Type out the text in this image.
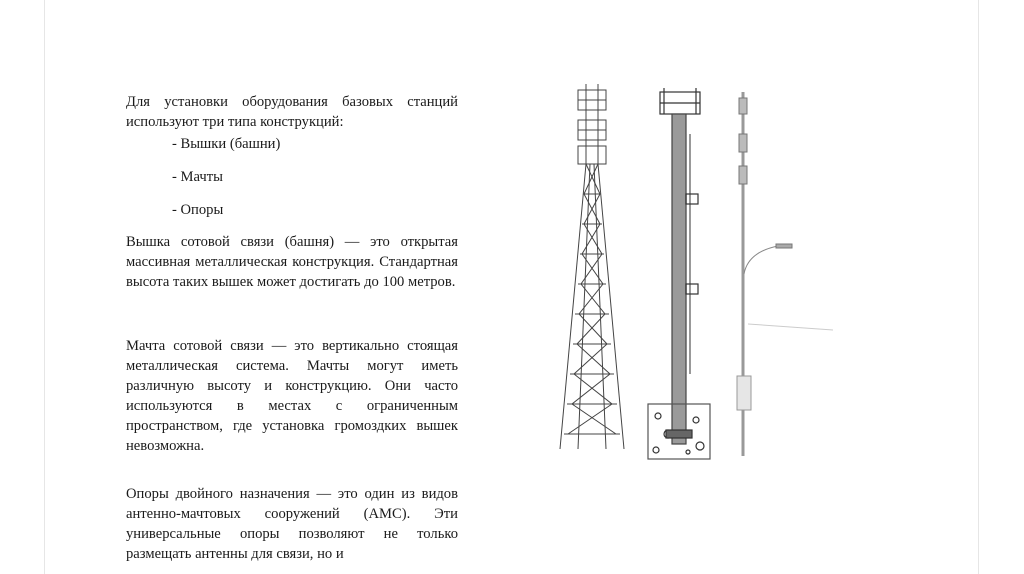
Для установки оборудования базовых станций используют три типа конструкций:

- Вышки (башни)
- Мачты
- Опоры

Вышка сотовой связи (башня) — это открытая массивная металлическая конструкция. Стандартная высота таких вышек может достигать до 100 метров.

Мачта сотовой связи — это вертикально стоящая металлическая система. Мачты могут иметь различную высоту и конструкцию. Они часто используются в местах с ограниченным пространством, где установка громоздких вышек невозможна.

Опоры двойного назначения — это один из видов антенно-мачтовых сооружений (АМС). Эти универсальные опоры позволяют не только размещать антенны для связи, но и
